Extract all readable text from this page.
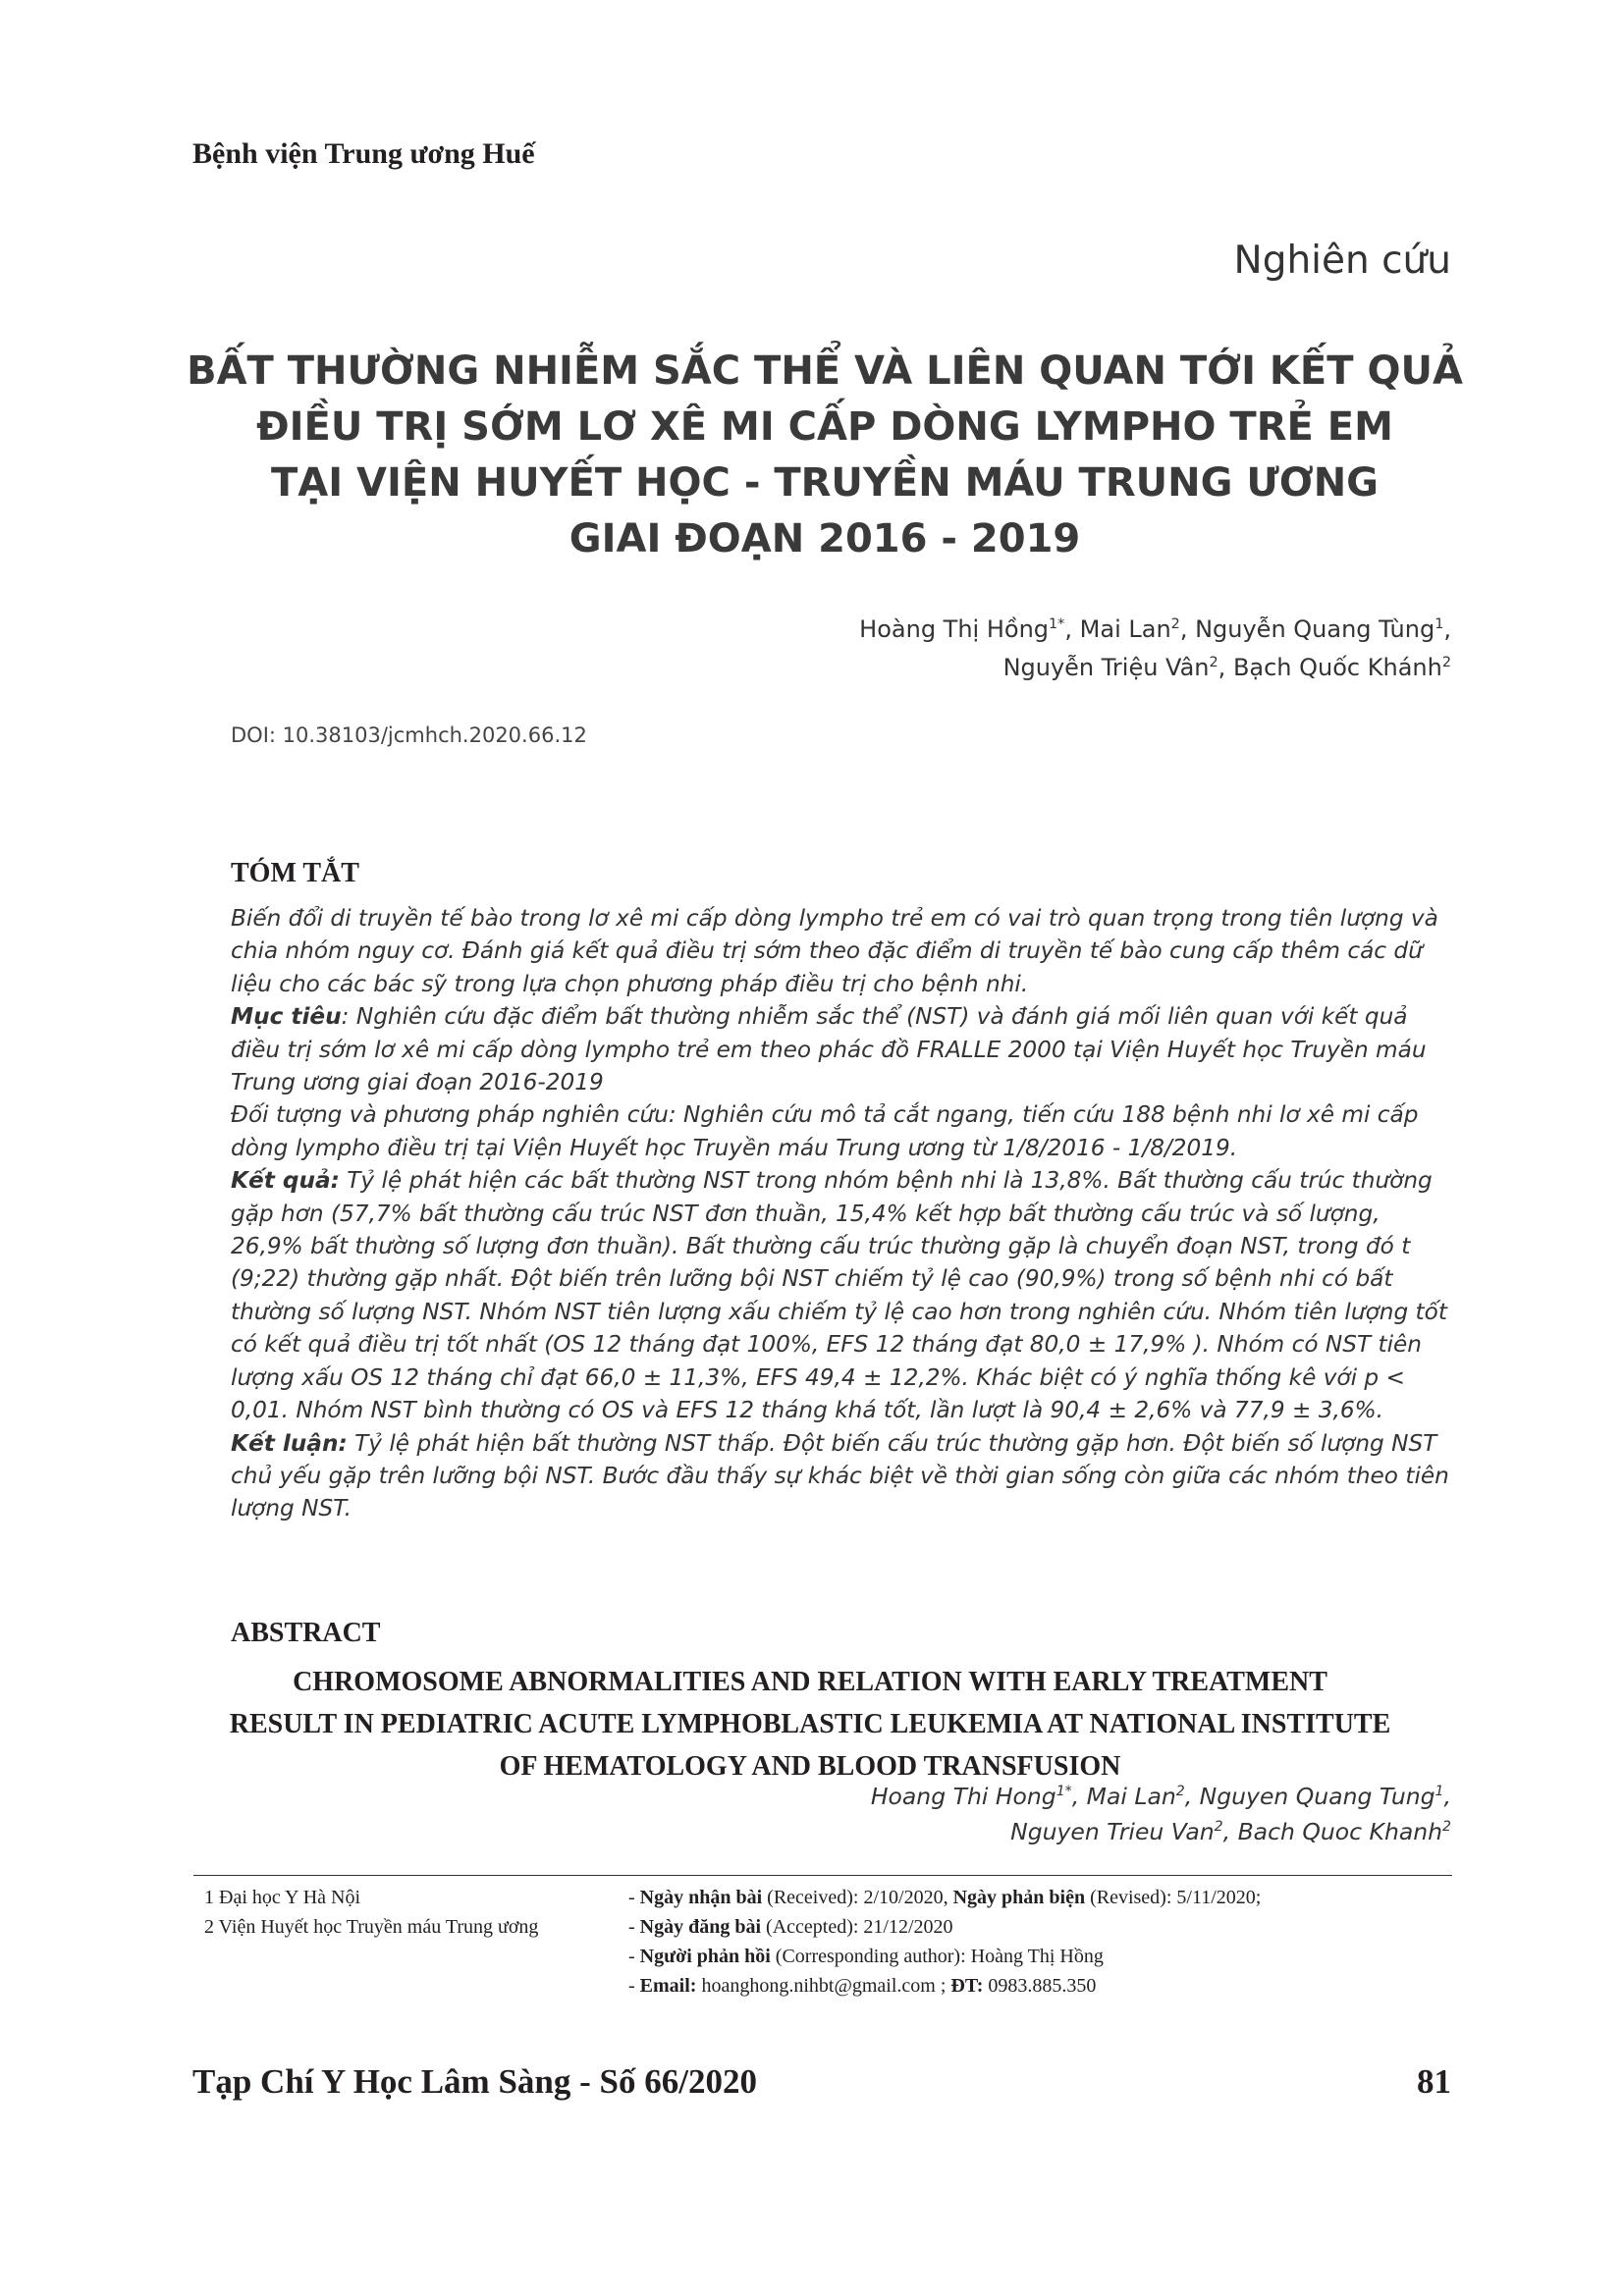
Bệnh viện Trung ương Huế
Nghiên cứu
BẤT THƯỜNG NHIỄM SẮC THỂ VÀ LIÊN QUAN TỚI KẾT QUẢ
ĐIỀU TRỊ SỚM LƠ XÊ MI CẤP DÒNG LYMPHO TRẺ EM
TẠI VIỆN HUYẾT HỌC - TRUYỀN MÁU TRUNG ƯƠNG
GIAI ĐOẠN 2016 - 2019
Hoàng Thị Hồng$^{1*}$, Mai Lan$^2$, Nguyễn Quang Tùng$^1$,
Nguyễn Triệu Vân$^2$, Bạch Quốc Khánh$^2$
DOI: 10.38103/jcmhch.2020.66.12
TÓM TẮT

Biến đổi di truyền tế bào trong lơ xê mi cấp dòng lympho trẻ em có vai trò quan trọng trong tiên lượng và chia nhóm nguy cơ. Đánh giá kết quả điều trị sớm theo đặc điểm di truyền tế bào cung cấp thêm các dữ liệu cho các bác sỹ trong lựa chọn phương pháp điều trị cho bệnh nhi.

Mục tiêu: Nghiên cứu đặc điểm bất thường nhiễm sắc thể (NST) và đánh giá mối liên quan với kết quả điều trị sớm lơ xê mi cấp dòng lympho trẻ em theo phác đồ FRALLE 2000 tại Viện Huyết học Truyền máu Trung ương giai đoạn 2016-2019

Đối tượng và phương pháp nghiên cứu: Nghiên cứu mô tả cắt ngang, tiến cứu 188 bệnh nhi lơ xê mi cấp dòng lympho điều trị tại Viện Huyết học Truyền máu Trung ương từ 1/8/2016 - 1/8/2019.

Kết quả: Tỷ lệ phát hiện các bất thường NST trong nhóm bệnh nhi là 13,8%. Bất thường cấu trúc thường gặp hơn (57,7% bất thường cấu trúc NST đơn thuần, 15,4% kết hợp bất thường cấu trúc và số lượng, 26,9% bất thường số lượng đơn thuần). Bất thường cấu trúc thường gặp là chuyển đoạn NST, trong đó t (9;22) thường gặp nhất. Đột biến trên lưỡng bội NST chiếm tỷ lệ cao (90,9%) trong số bệnh nhi có bất thường số lượng NST. Nhóm NST tiên lượng xấu chiếm tỷ lệ cao hơn trong nghiên cứu. Nhóm tiên lượng tốt có kết quả điều trị tốt nhất (OS 12 tháng đạt 100%, EFS 12 tháng đạt 80,0 ± 17,9% ). Nhóm có NST tiên lượng xấu OS 12 tháng chỉ đạt 66,0 ± 11,3%, EFS 49,4 ± 12,2%. Khác biệt có ý nghĩa thống kê với p < 0,01. Nhóm NST bình thường có OS và EFS 12 tháng khá tốt, lần lượt là 90,4 ± 2,6% và 77,9 ± 3,6%.

Kết luận: Tỷ lệ phát hiện bất thường NST thấp. Đột biến cấu trúc thường gặp hơn. Đột biến số lượng NST chủ yếu gặp trên lưỡng bội NST. Bước đầu thấy sự khác biệt về thời gian sống còn giữa các nhóm theo tiên lượng NST.

ABSTRACT
CHROMOSOME ABNORMALITIES AND RELATION WITH EARLY TREATMENT
RESULT IN PEDIATRIC ACUTE LYMPHOBLASTIC LEUKEMIA AT NATIONAL INSTITUTE
OF HEMATOLOGY AND BLOOD TRANSFUSION
Hoang Thi Hong$^{1*}$, Mai Lan$^2$, Nguyen Quang Tung$^1$,
Nguyen Trieu Van$^2$, Bach Quoc Khanh$^2$
1 Đại học Y Hà Nội
2 Viện Huyết học Truyền máu Trung ương
- Ngày nhận bài (Received): 2/10/2020, Ngày phản biện (Revised): 5/11/2020;
- Ngày đăng bài (Accepted): 21/12/2020
- Người phản hồi (Corresponding author): Hoàng Thị Hồng
- Email: hoanghong.nihbt@gmail.com ; ĐT: 0983.885.350
Tạp Chí Y Học Lâm Sàng - Số 66/2020	81
